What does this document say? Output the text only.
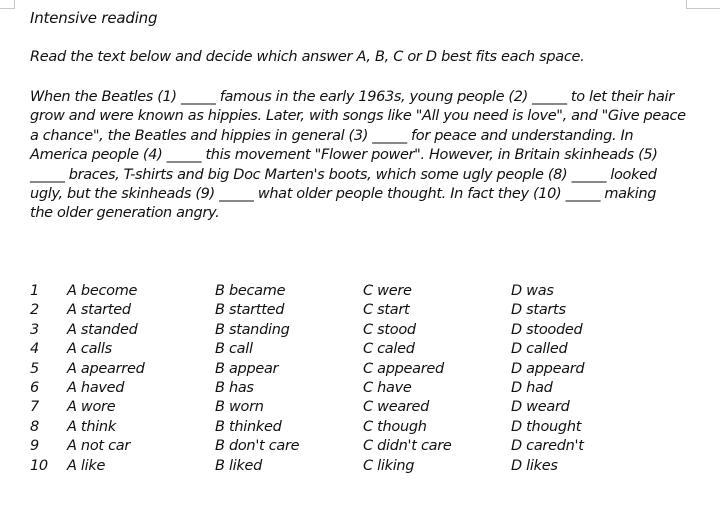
Intensive reading
Read the text below and decide which answer A, B, C or D best fits each space.
When the Beatles (1) _____ famous in the early 1963s, young people (2) _____ to let their hair
grow and were known as hippies. Later, with songs like "All you need is love", and "Give peace
a chance", the Beatles and hippies in general (3) _____ for peace and understanding. In
America people (4) _____ this movement "Flower power". However, in Britain skinheads (5)
_____ braces, T-shirts and big Doc Marten's boots, which some ugly people (8) _____ looked
ugly, but the skinheads (9) _____ what older people thought. In fact they (10) _____ making
the older generation angry.
1 A become	B became	C were	D was
2 A started	B startted	C start	D starts
3 A standed	B standing	C stood	D stooded
4 A calls	B call	C caled	D called
5 A apearred	B appear	C appeared	D appeard
6 A haved	B has	C have	D had
7 A wore	B worn	C weared	D weard
8 A think	B thinked	C though	D thought
9 A not car	B don't care	C didn't care	D caredn't
10 A like	B liked	C liking	D likes
